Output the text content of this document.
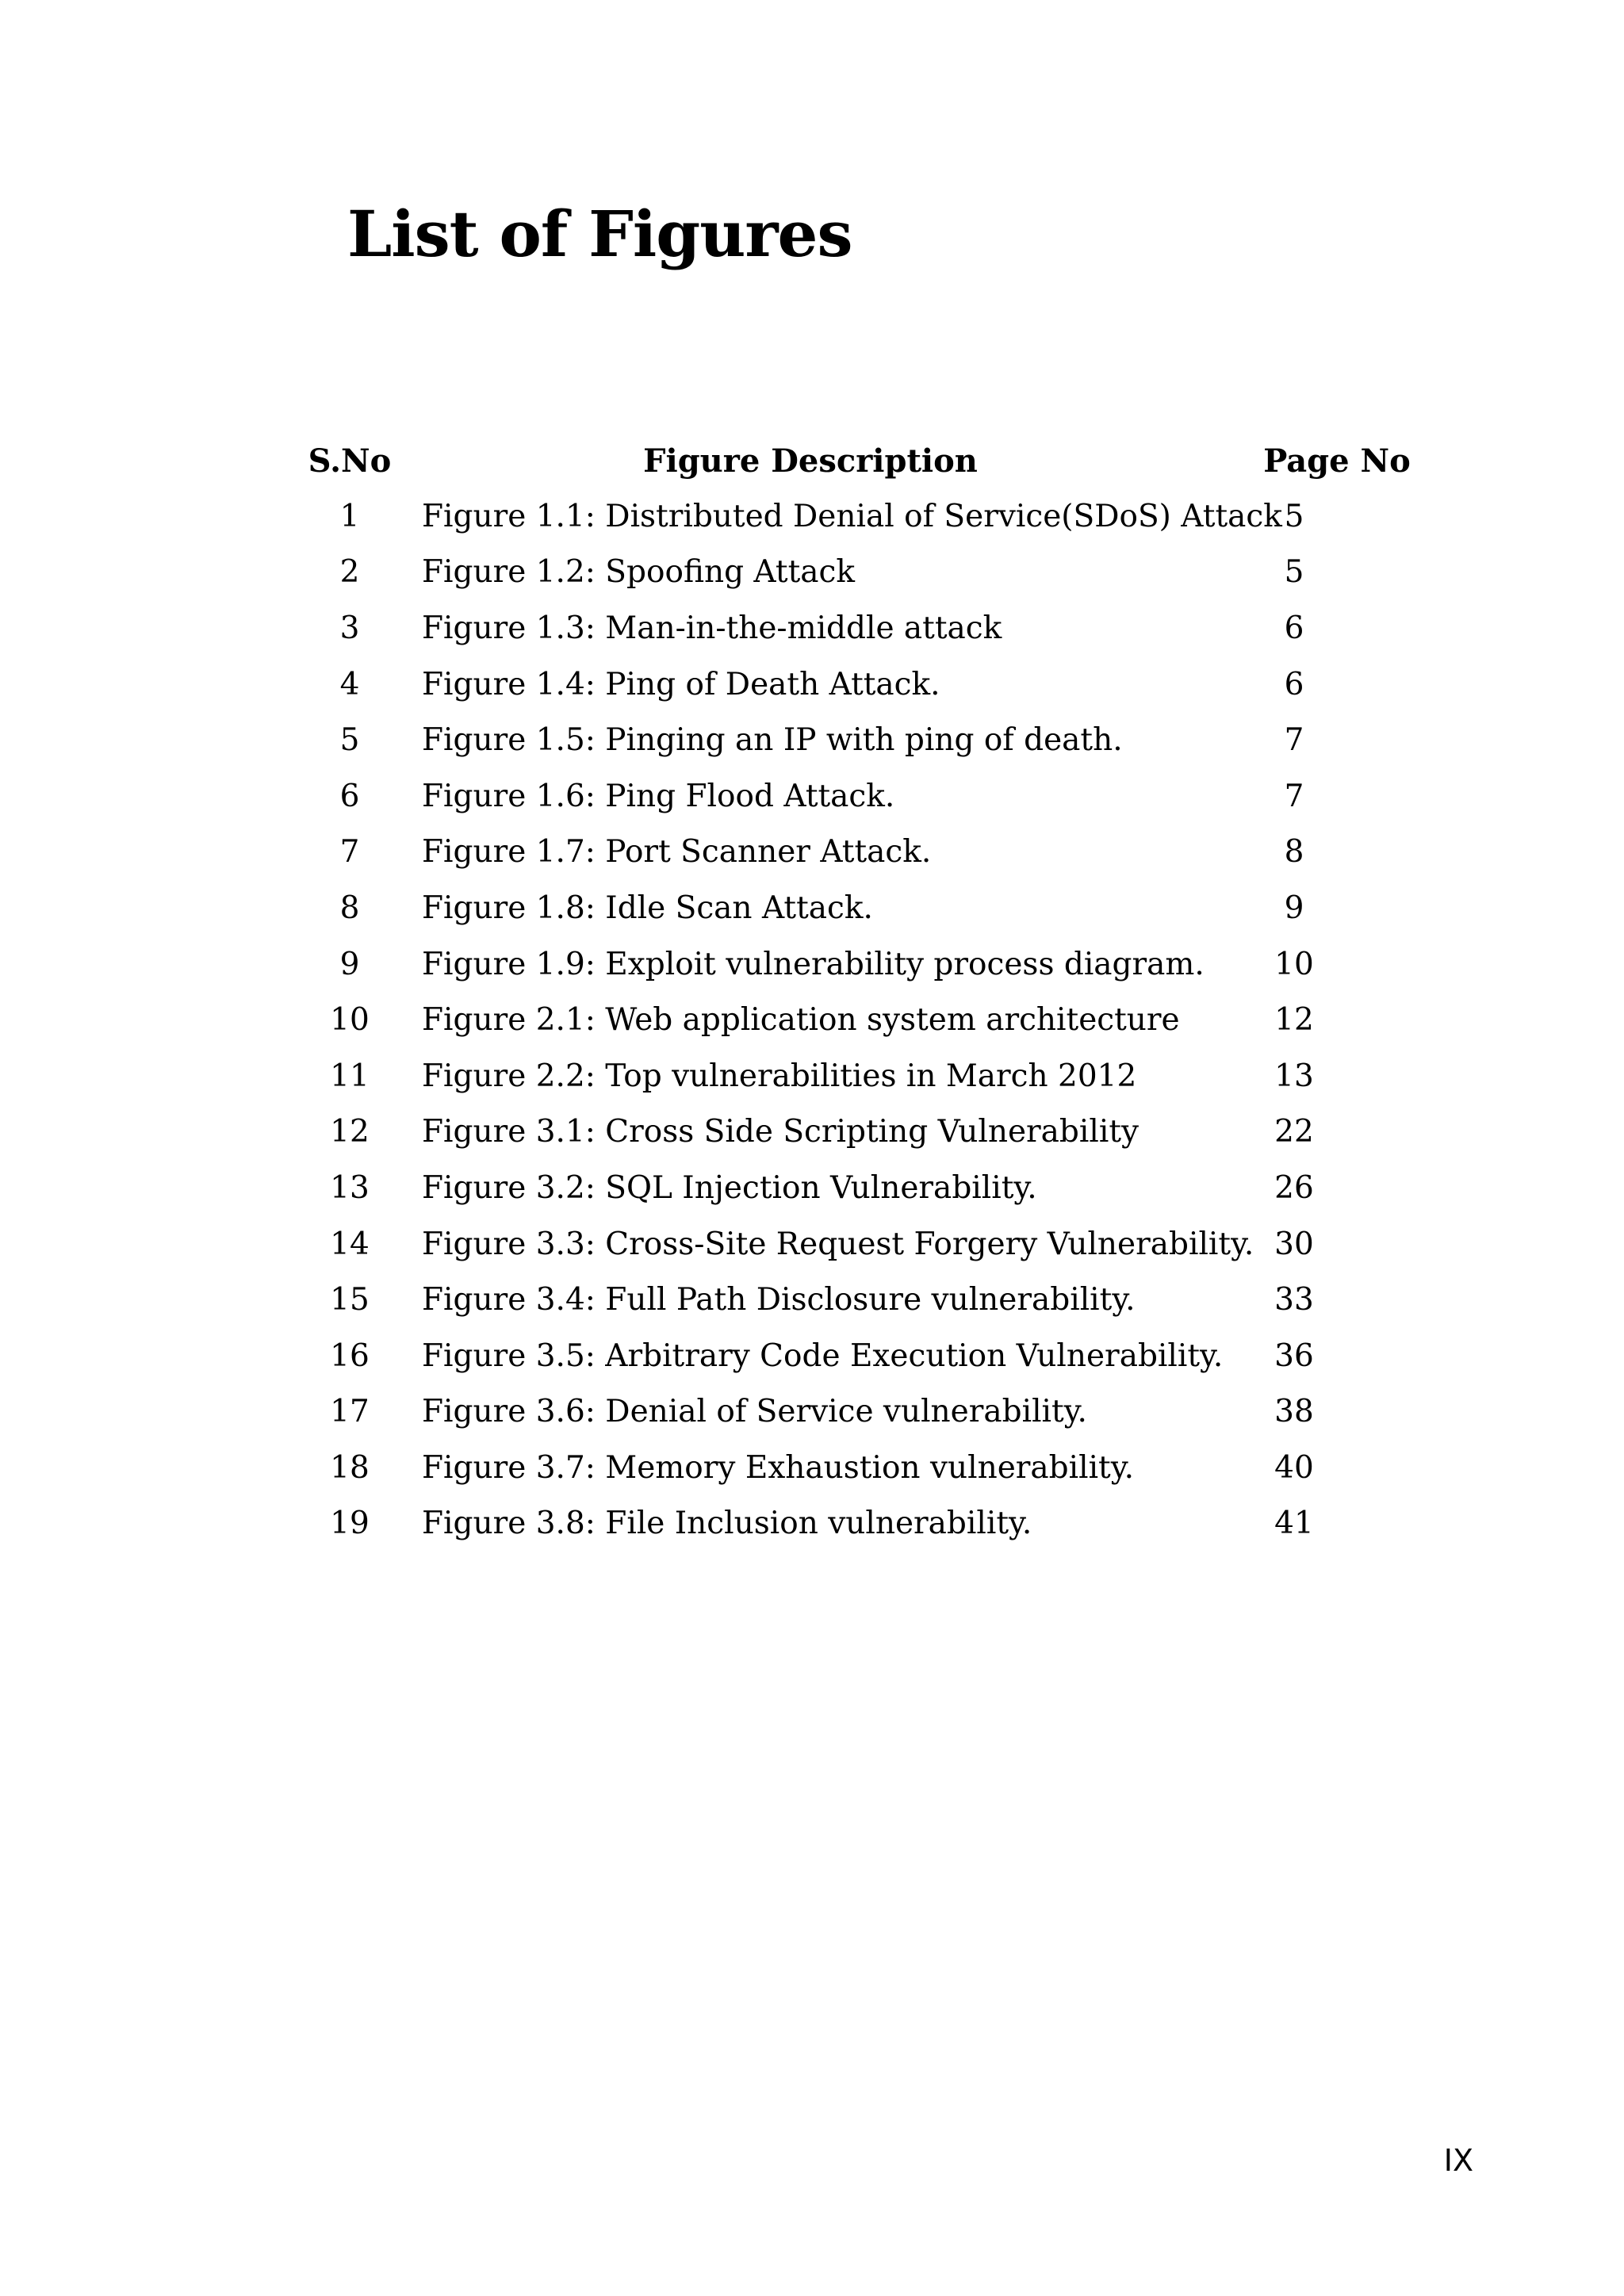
List of Figures
S.No	Figure Description	Page No
1	Figure 1.1: Distributed Denial of Service(SDoS) Attack 5
2	Figure 1.2: Spoofing Attack	5
3	Figure 1.3: Man-in-the-middle attack	6
4	Figure 1.4: Ping of Death Attack.	6
5	Figure 1.5: Pinging an IP with ping of death.	7
6	Figure 1.6: Ping Flood Attack.	7
7	Figure 1.7: Port Scanner Attack.	8
8	Figure 1.8: Idle Scan Attack.	9
9	Figure 1.9: Exploit vulnerability process diagram.	10
10	Figure 2.1: Web application system architecture	12
11	Figure 2.2: Top vulnerabilities in March 2012	13
12	Figure 3.1: Cross Side Scripting Vulnerability	22
13	Figure 3.2: SQL Injection Vulnerability.	26
14	Figure 3.3: Cross-Site Request Forgery Vulnerability. 30
15	Figure 3.4: Full Path Disclosure vulnerability.	33
16	Figure 3.5: Arbitrary Code Execution Vulnerability.	36
17	Figure 3.6: Denial of Service vulnerability.	38
18	Figure 3.7: Memory Exhaustion vulnerability.	40
19	Figure 3.8: File Inclusion vulnerability.	41
IX
